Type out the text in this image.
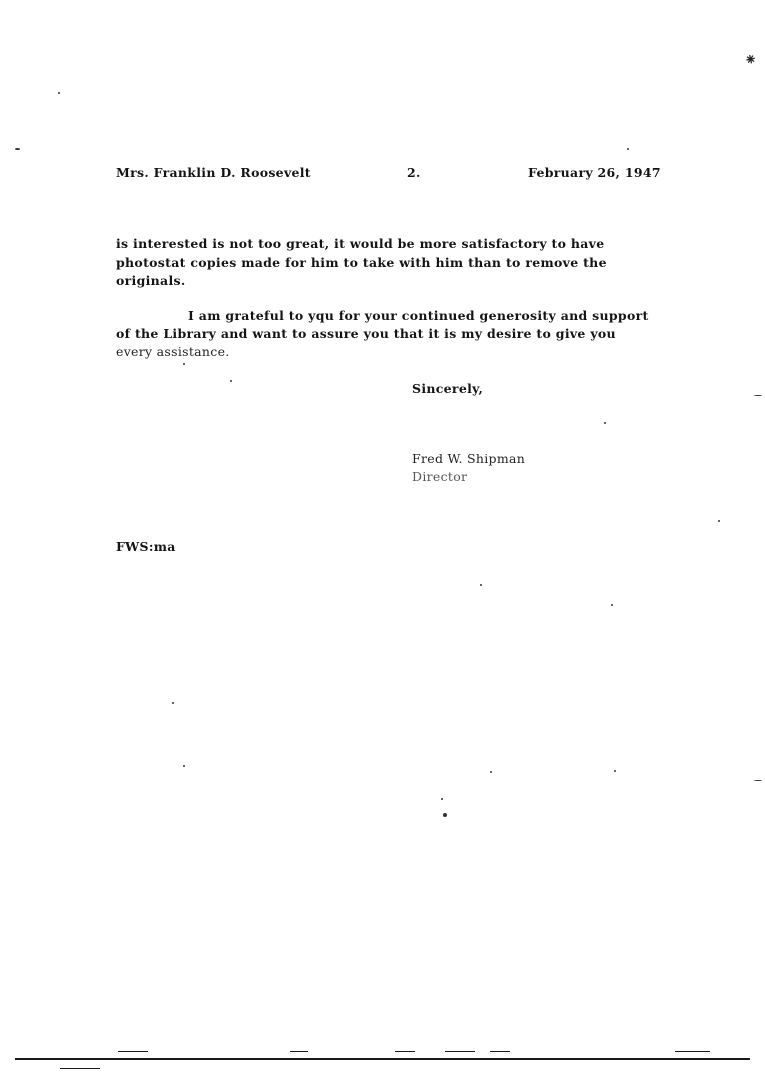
Mrs. Franklin D. Roosevelt	2.	February 26, 1947
is interested is not too great, it would be more satisfactory to have
photostat copies made for him to take with him than to remove the
originals.
I am grateful to yqu for your continued generosity and support
of the Library and want to assure you that it is my desire to give you
every assistance.
Sincerely,
Fred W. Shipman
Director
FWS:ma
⁕
